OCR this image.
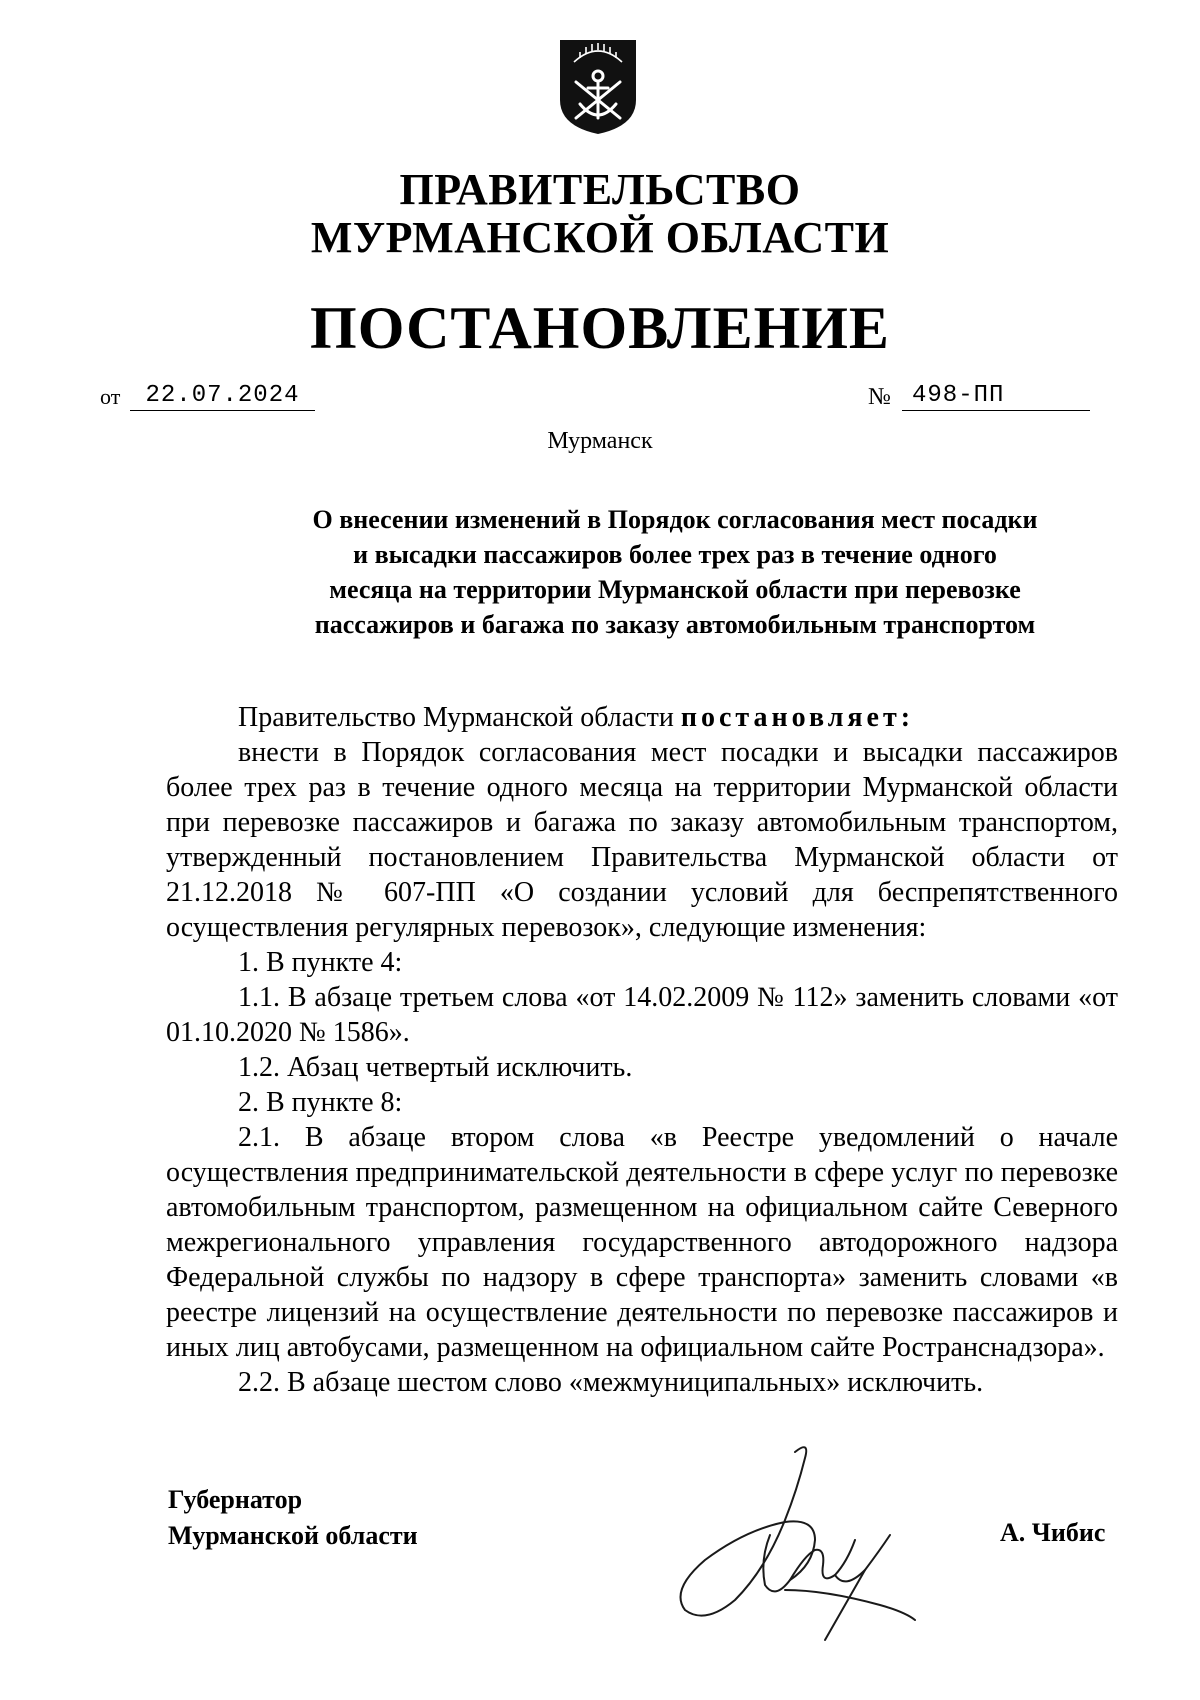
ПРАВИТЕЛЬСТВО
МУРМАНСКОЙ ОБЛАСТИ
ПОСТАНОВЛЕНИЕ
от	22.07.2024	№ 498-ПП
Мурманск
О внесении изменений в Порядок согласования мест посадки
и высадки пассажиров более трех раз в течение одного
месяца на территории Мурманской области при перевозке
пассажиров и багажа по заказу автомобильным транспортом

Правительство Мурманской области постановляет:

внести в Порядок согласования мест посадки и высадки пассажиров более трех раз в течение одного месяца на территории Мурманской области при перевозке пассажиров и багажа по заказу автомобильным транспортом, утвержденный постановлением Правительства Мурманской области от 21.12.2018 № 607-ПП «О создании условий для беспрепятственного осуществления регулярных перевозок», следующие изменения:

1. В пункте 4:

1.1. В абзаце третьем слова «от 14.02.2009 № 112» заменить словами «от 01.10.2020 № 1586».

1.2. Абзац четвертый исключить.

2. В пункте 8:

2.1. В абзаце втором слова «в Реестре уведомлений о начале осуществления предпринимательской деятельности в сфере услуг по перевозке автомобильным транспортом, размещенном на официальном сайте Северного межрегионального управления государственного автодорожного надзора Федеральной службы по надзору в сфере транспорта» заменить словами «в реестре лицензий на осуществление деятельности по перевозке пассажиров и иных лиц автобусами, размещенном на официальном сайте Ространснадзора».

2.2. В абзаце шестом слово «межмуниципальных» исключить.

Губернатор
Мурманской области	А. Чибис
